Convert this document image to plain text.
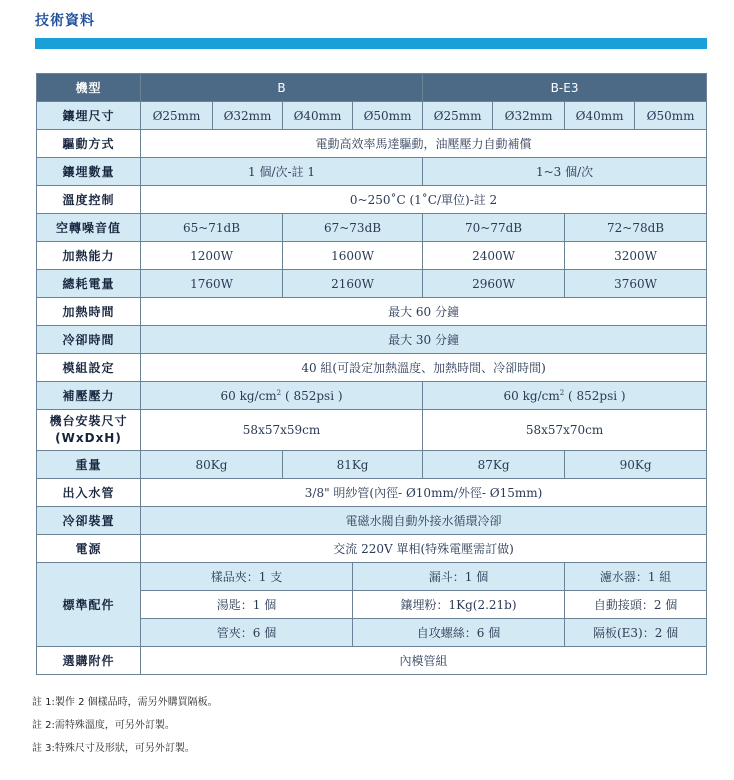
技術資料
機型	B				B-E3			
鑲埋尺寸	Ø25mm	Ø32mm	Ø40mm	Ø50mm	Ø25mm	Ø32mm	Ø40mm	Ø50mm
驅動方式	電動高效率馬達驅動，油壓壓力自動補償							
鑲埋數量	1 個/次-註 1				1~3 個/次			
溫度控制	0~250˚C (1˚C/單位)-註 2							
空轉噪音值	65~71dB		67~73dB		70~77dB		72~78dB	
加熱能力	1200W		1600W		2400W		3200W	
總耗電量	1760W		2160W		2960W		3760W	
加熱時間	最大 60 分鐘							
冷卻時間	最大 30 分鐘							
模組設定	40 組(可設定加熱溫度、加熱時間、冷卻時間)							
補壓壓力	60 $kg/cm^2$ ( 852psi )				60 $kg/cm^2$ ( 852psi )			

機台安裝尺寸
(WxDxH)	58x57x59cm				58x57x70cm			
重量	80Kg		81Kg		87Kg		90Kg	
出入水管	3/8" 明紗管(內徑- Ø10mm/外徑- Ø15mm)							
冷卻裝置	電磁水閥自動外接水循環冷卻							
電源	交流 220V 單相(特殊電壓需訂做)							
標準配件	樣品夾：1 支			漏斗：1 個			濾水器：1 組	
	湯匙：1 個			鑲埋粉：1Kg(2.21b)			自動接頭：2 個	
	管夾：6 個			自攻螺絲：6 個			隔板(E3)：2 個	
選購附件	內模管組							
註 1:製作 2 個樣品時，需另外購買隔板。
註 2:需特殊溫度，可另外訂製。
註 3:特殊尺寸及形狀，可另外訂製。
